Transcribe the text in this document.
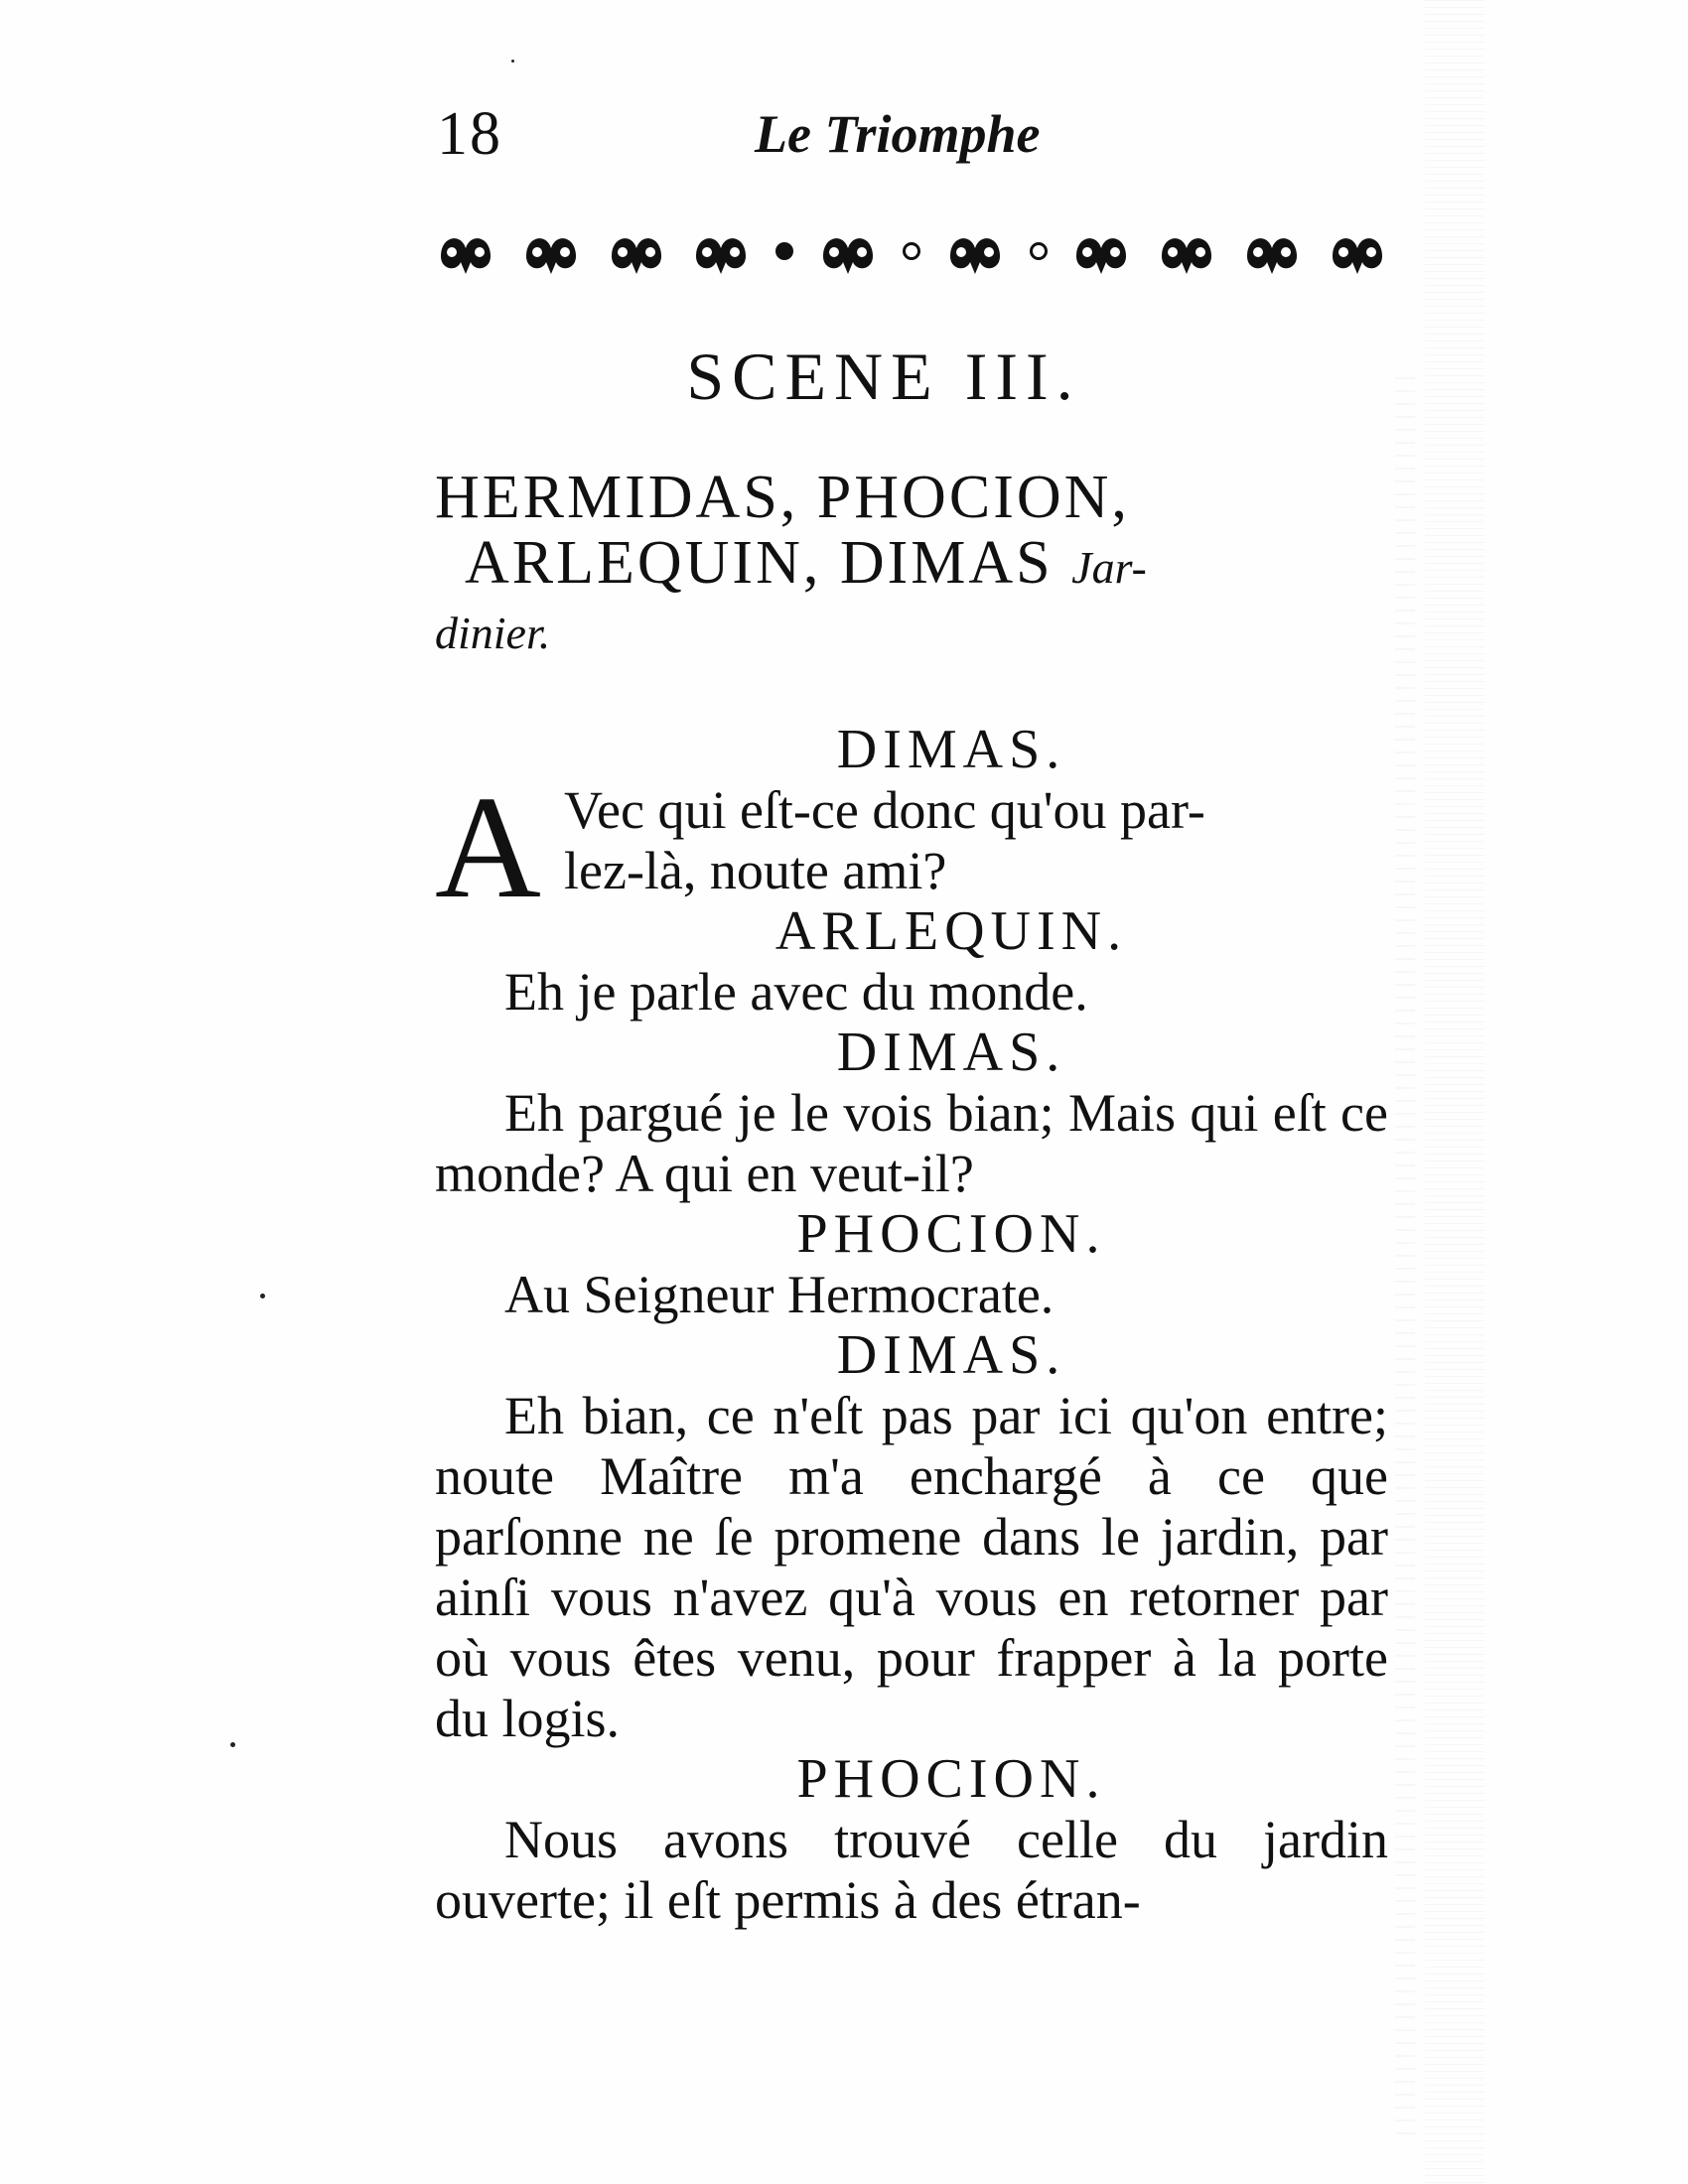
18	Le Triomphe
SCENE III.
HERMIDAS, PHOCION,
ARLEQUIN, DIMAS Jar-
dinier.
DIMAS.
A Vec qui eſt-ce donc qu'ou par-
lez-là, noute ami?
ARLEQUIN.
Eh je parle avec du monde.
DIMAS.
Eh pargué je le vois bian; Mais qui eſt ce monde? A qui en veut-il?
PHOCION.
Au Seigneur Hermocrate.
DIMAS.
Eh bian, ce n'eſt pas par ici qu'on entre; noute Maître m'a enchargé à ce que parſonne ne ſe promene dans le jardin, par ainſi vous n'avez qu'à vous en retorner par où vous êtes venu, pour frapper à la porte du logis.
PHOCION.
Nous avons trouvé celle du jardin ouverte; il eſt permis à des étran-
